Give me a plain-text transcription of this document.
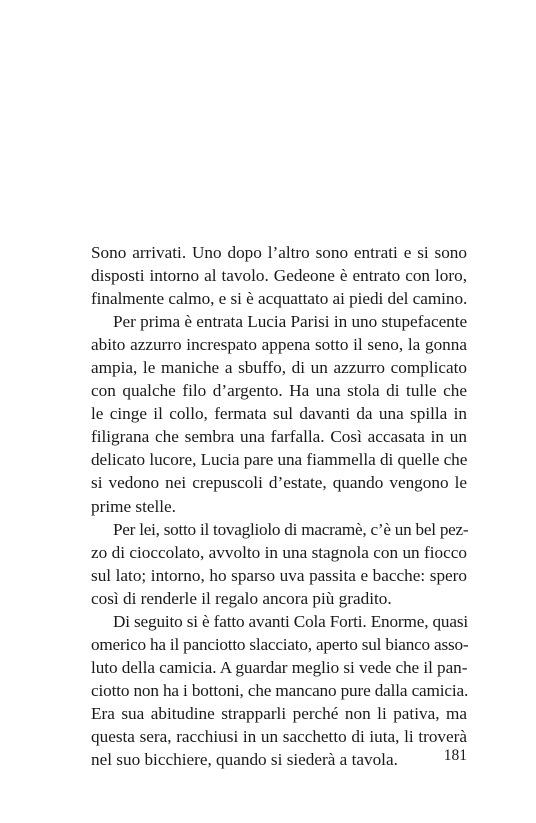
Sono arrivati. Uno dopo l’altro sono entrati e si sono
disposti intorno al tavolo. Gedeone è entrato con loro,
finalmente calmo, e si è acquattato ai piedi del camino.

Per prima è entrata Lucia Parisi in uno stupefacente
abito azzurro increspato appena sotto il seno, la gonna
ampia, le maniche a sbuffo, di un azzurro complicato
con qualche filo d’argento. Ha una stola di tulle che
le cinge il collo, fermata sul davanti da una spilla in
filigrana che sembra una farfalla. Così accasata in un
delicato lucore, Lucia pare una fiammella di quelle che
si vedono nei crepuscoli d’estate, quando vengono le
prime stelle.

Per lei, sotto il tovagliolo di macramè, c’è un bel pez-
zo di cioccolato, avvolto in una stagnola con un fiocco
sul lato; intorno, ho sparso uva passita e bacche: spero
così di renderle il regalo ancora più gradito.

Di seguito si è fatto avanti Cola Forti. Enorme, quasi
omerico ha il panciotto slacciato, aperto sul bianco asso-
luto della camicia. A guardar meglio si vede che il pan-
ciotto non ha i bottoni, che mancano pure dalla camicia.
Era sua abitudine strapparli perché non li pativa, ma
questa sera, racchiusi in un sacchetto di iuta, li troverà
nel suo bicchiere, quando si siederà a tavola.	181
